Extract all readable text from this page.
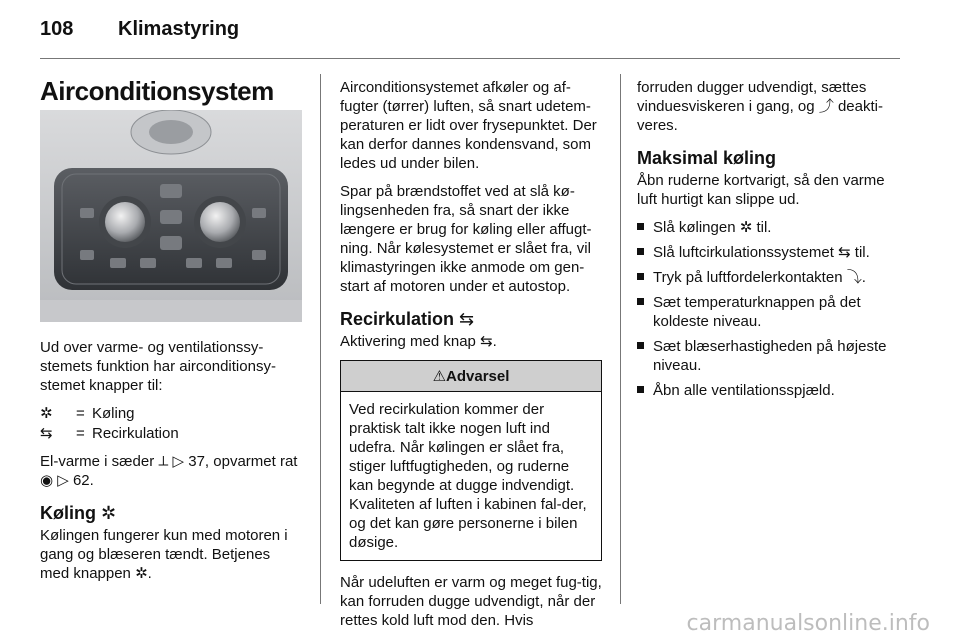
108 Klimastyring
Airconditionsystem

Ud over varme- og ventilationssy-stemets funktion har airconditionsy-stemet knapper til:

✲	= Køling
⇆	= Recirkulation

El-varme i sæder ⟂ ▷ 37, opvarmet rat ◉ ▷ 62.

Køling ✲

Kølingen fungerer kun med motoren i gang og blæseren tændt. Betjenes med knappen ✲.

Airconditionsystemet afkøler og af-fugter (tørrer) luften, så snart udetem-peraturen er lidt over frysepunktet. Der kan derfor dannes kondensvand, som ledes ud under bilen.

Spar på brændstoffet ved at slå kø-lingsenheden fra, så snart der ikke længere er brug for køling eller affugt-ning. Når kølesystemet er slået fra, vil klimastyringen ikke anmode om gen-start af motoren under et autostop.

Recirkulation ⇆

Aktivering med knap ⇆.

⚠Advarsel
Ved recirkulation kommer der praktisk talt ikke nogen luft ind udefra. Når kølingen er slået fra, stiger luftfugtigheden, og ruderne kan begynde at dugge indvendigt. Kvaliteten af luften i kabinen fal-der, og det kan gøre personerne i bilen døsige.

Når udeluften er varm og meget fug-tig, kan forruden dugge udvendigt, når der rettes kold luft mod den. Hvis

forruden dugger udvendigt, sættes vinduesviskeren i gang, og ⤴ deakti-veres.

Maksimal køling

Åbn ruderne kortvarigt, så den varme luft hurtigt kan slippe ud.

Slå kølingen ✲ til.
Slå luftcirkulationssystemet ⇆ til.
Tryk på luftfordelerkontakten ⤵.
Sæt temperaturknappen på det koldeste niveau.
Sæt blæserhastigheden på højeste niveau.
Åbn alle ventilationsspjæld.
carmanualsonline.info
